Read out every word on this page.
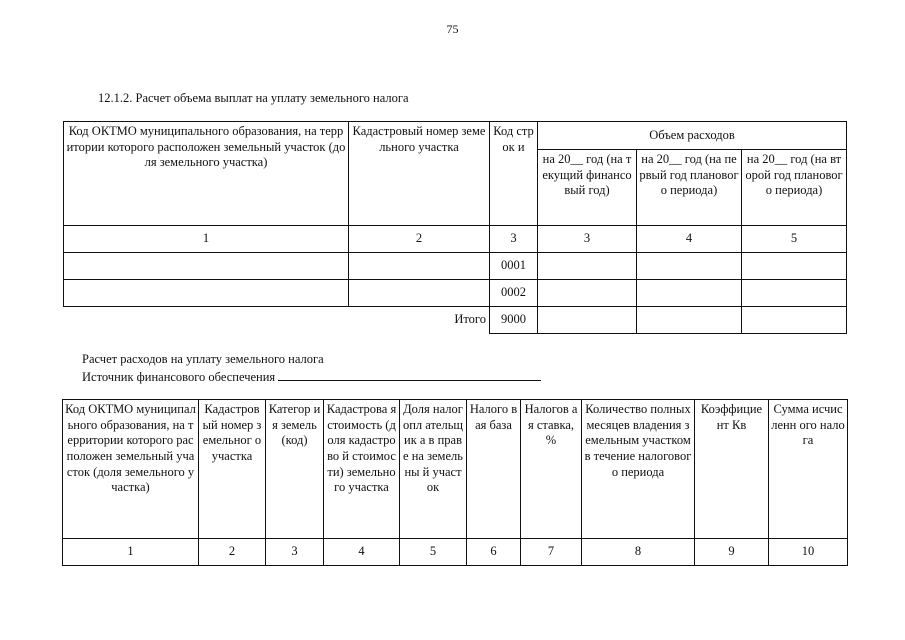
75
12.1.2. Расчет объема выплат на уплату земельного налога
Код ОКТМО муниципального образования, на территории которого расположен земельный участок (доля земельного участка)	Кадастровый номер земельного участка	Код строк и	Объем расходов		
			на 20__ год (на текущий финансовый год)	на 20__ год (на первый год планового периода)	на 20__ год (на второй год планового периода)
1	2	3	3	4	5
		0001			
		0002			
Итого		9000			
Расчет расходов на уплату земельного налога
Источник финансового обеспечения
Код ОКТМО муниципального образования, на территории которого расположен земельный участок (доля земельного участка)	Кадастров ый номер земельног о участка	Категор ия земель (код)	Кадастрова я стоимость (доля кадастрово й стоимости) земельного участка	Доля налогопл ательщик а в праве на земельны й участок	Налого вая база	Налогов ая ставка, %	Количество полных месяцев владения земельным участком в течение налогового периода	Коэффицие нт Кв	Сумма исчисленн ого налога
1	2	3	4	5	6	7	8	9	10
